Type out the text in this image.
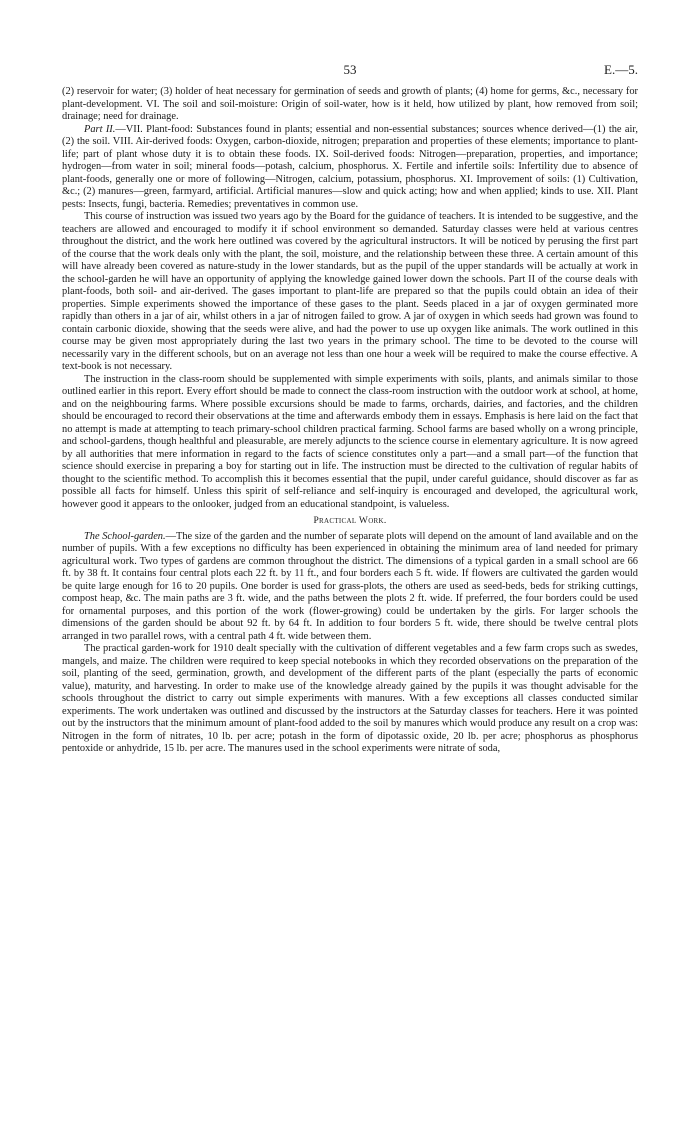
53	E.—5.

(2) reservoir for water; (3) holder of heat necessary for germination of seeds and growth of plants; (4) home for germs, &c., necessary for plant-development. VI. The soil and soil-moisture: Origin of soil-water, how is it held, how utilized by plant, how removed from soil; drainage; need for drainage.

Part II.—VII. Plant-food: Substances found in plants; essential and non-essential substances; sources whence derived—(1) the air, (2) the soil. VIII. Air-derived foods: Oxygen, carbon-dioxide, nitrogen; preparation and properties of these elements; importance to plant-life; part of plant whose duty it is to obtain these foods. IX. Soil-derived foods: Nitrogen—preparation, properties, and importance; hydrogen—from water in soil; mineral foods—potash, calcium, phosphorus. X. Fertile and infertile soils: Infertility due to absence of plant-foods, generally one or more of following—Nitrogen, calcium, potassium, phosphorus. XI. Improvement of soils: (1) Cultivation, &c.; (2) manures—green, farmyard, artificial. Artificial manures—slow and quick acting; how and when applied; kinds to use. XII. Plant pests: Insects, fungi, bacteria. Remedies; preventatives in common use.

This course of instruction was issued two years ago by the Board for the guidance of teachers. It is intended to be suggestive, and the teachers are allowed and encouraged to modify it if school environment so demanded. Saturday classes were held at various centres throughout the district, and the work here outlined was covered by the agricultural instructors. It will be noticed by perusing the first part of the course that the work deals only with the plant, the soil, moisture, and the relationship between these three. A certain amount of this will have already been covered as nature-study in the lower standards, but as the pupil of the upper standards will be actually at work in the school-garden he will have an opportunity of applying the knowledge gained lower down the schools. Part II of the course deals with plant-foods, both soil- and air-derived. The gases important to plant-life are prepared so that the pupils could obtain an idea of their properties. Simple experiments showed the importance of these gases to the plant. Seeds placed in a jar of oxygen germinated more rapidly than others in a jar of air, whilst others in a jar of nitrogen failed to grow. A jar of oxygen in which seeds had grown was found to contain carbonic dioxide, showing that the seeds were alive, and had the power to use up oxygen like animals. The work outlined in this course may be given most appropriately during the last two years in the primary school. The time to be devoted to the course will necessarily vary in the different schools, but on an average not less than one hour a week will be required to make the course effective. A text-book is not necessary.

The instruction in the class-room should be supplemented with simple experiments with soils, plants, and animals similar to those outlined earlier in this report. Every effort should be made to connect the class-room instruction with the outdoor work at school, at home, and on the neighbouring farms. Where possible excursions should be made to farms, orchards, dairies, and factories, and the children should be encouraged to record their observations at the time and afterwards embody them in essays. Emphasis is here laid on the fact that no attempt is made at attempting to teach primary-school children practical farming. School farms are based wholly on a wrong principle, and school-gardens, though healthful and pleasurable, are merely adjuncts to the science course in elementary agriculture. It is now agreed by all authorities that mere information in regard to the facts of science constitutes only a part—and a small part—of the function that science should exercise in preparing a boy for starting out in life. The instruction must be directed to the cultivation of regular habits of thought to the scientific method. To accomplish this it becomes essential that the pupil, under careful guidance, should discover as far as possible all facts for himself. Unless this spirit of self-reliance and self-inquiry is encouraged and developed, the agricultural work, however good it appears to the onlooker, judged from an educational standpoint, is valueless.

Practical Work.

The School-garden.—The size of the garden and the number of separate plots will depend on the amount of land available and on the number of pupils. With a few exceptions no difficulty has been experienced in obtaining the minimum area of land needed for primary agricultural work. Two types of gardens are common throughout the district. The dimensions of a typical garden in a small school are 66 ft. by 38 ft. It contains four central plots each 22 ft. by 11 ft., and four borders each 5 ft. wide. If flowers are cultivated the garden would be quite large enough for 16 to 20 pupils. One border is used for grass-plots, the others are used as seed-beds, beds for striking cuttings, compost heap, &c. The main paths are 3 ft. wide, and the paths between the plots 2 ft. wide. If preferred, the four borders could be used for ornamental purposes, and this portion of the work (flower-growing) could be undertaken by the girls. For larger schools the dimensions of the garden should be about 92 ft. by 64 ft. In addition to four borders 5 ft. wide, there should be twelve central plots arranged in two parallel rows, with a central path 4 ft. wide between them.

The practical garden-work for 1910 dealt specially with the cultivation of different vegetables and a few farm crops such as swedes, mangels, and maize. The children were required to keep special notebooks in which they recorded observations on the preparation of the soil, planting of the seed, germination, growth, and development of the different parts of the plant (especially the parts of economic value), maturity, and harvesting. In order to make use of the knowledge already gained by the pupils it was thought advisable for the schools throughout the district to carry out simple experiments with manures. With a few exceptions all classes conducted similar experiments. The work undertaken was outlined and discussed by the instructors at the Saturday classes for teachers. Here it was pointed out by the instructors that the minimum amount of plant-food added to the soil by manures which would produce any result on a crop was: Nitrogen in the form of nitrates, 10 lb. per acre; potash in the form of dipotassic oxide, 20 lb. per acre; phosphorus as phosphorus pentoxide or anhydride, 15 lb. per acre. The manures used in the school experiments were nitrate of soda,
